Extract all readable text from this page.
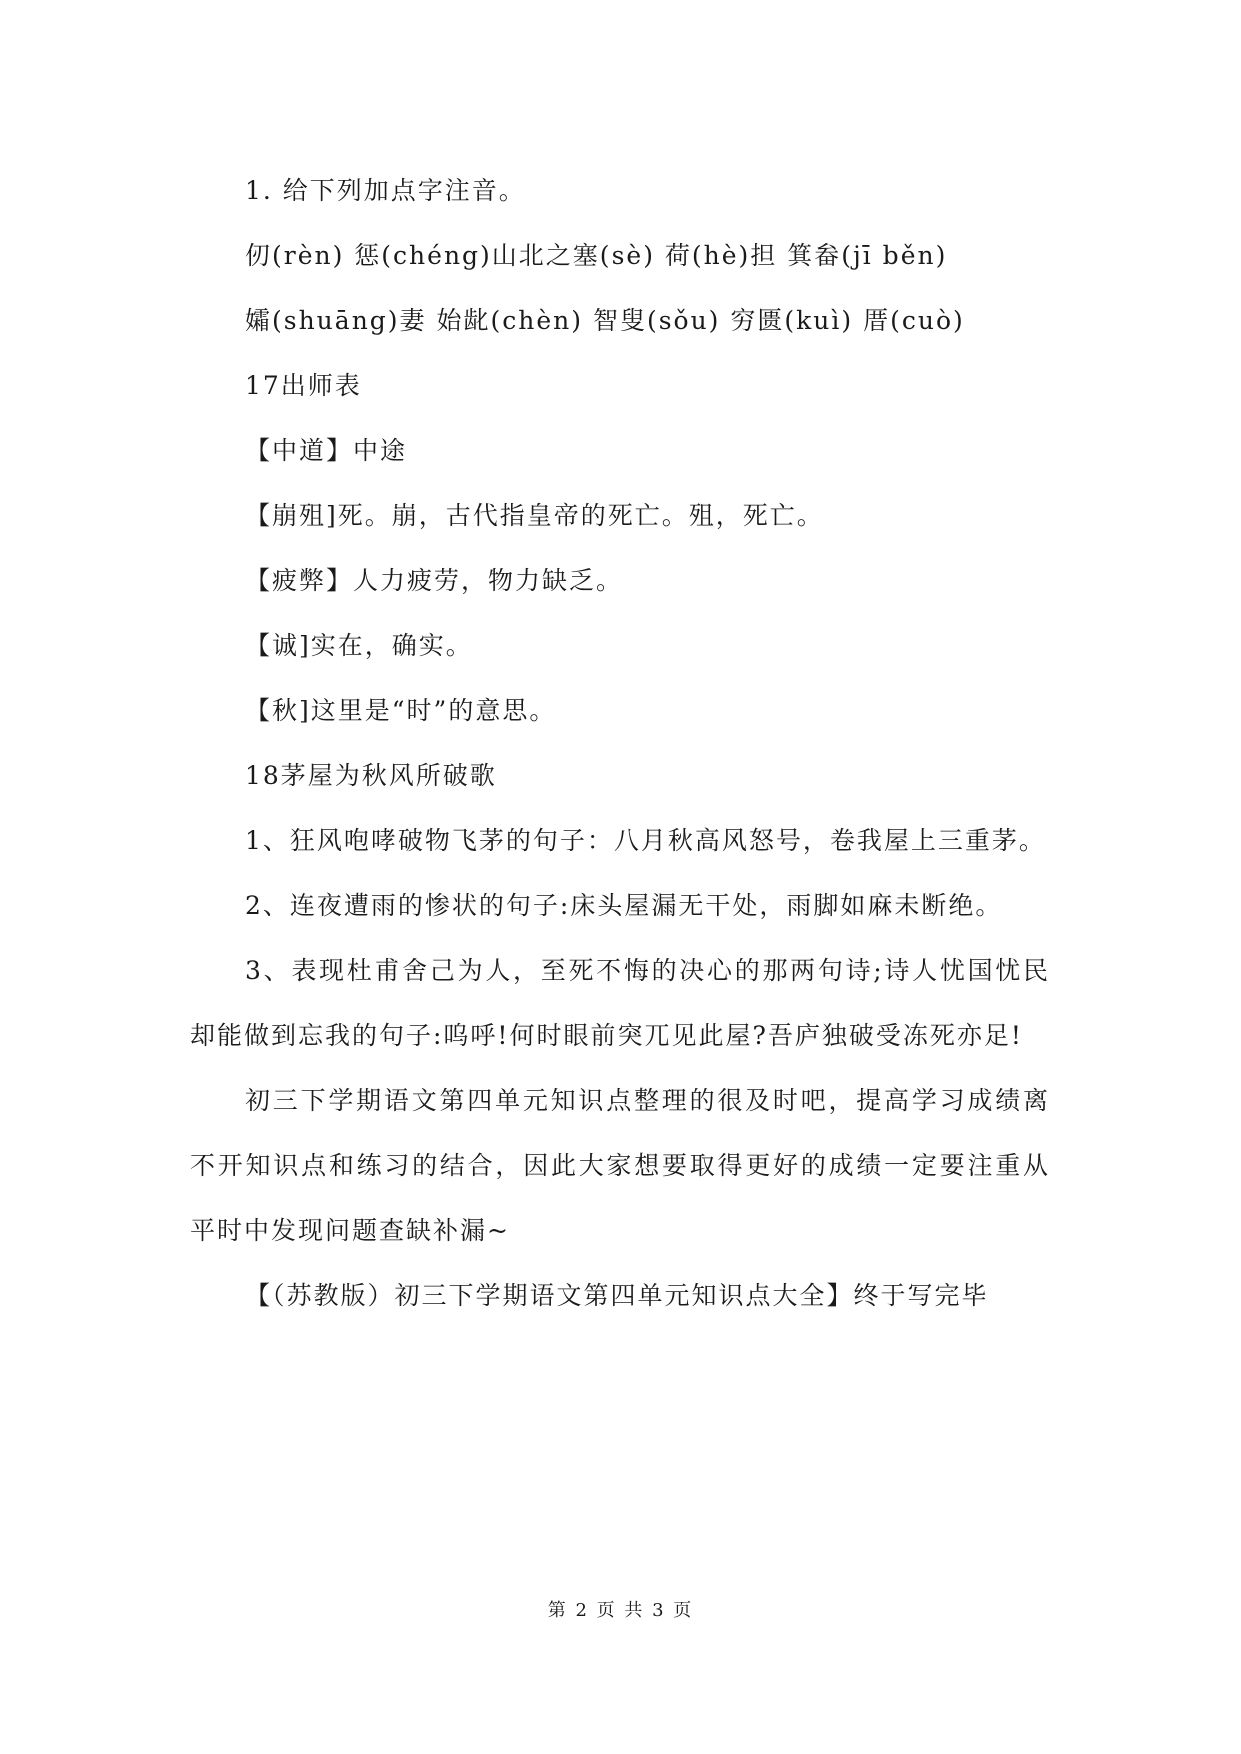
1. 给下列加点字注音。

仞(rèn) 惩(chéng)山北之塞(sè) 荷(hè)担 箕畚(jī běn)

孀(shuāng)妻 始龀(chèn) 智叟(sǒu) 穷匮(kuì) 厝(cuò)

17出师表

【中道】中途

【崩殂]死。崩，古代指皇帝的死亡。殂，死亡。

【疲弊】人力疲劳，物力缺乏。

【诚]实在，确实。

【秋]这里是“时”的意思。

18茅屋为秋风所破歌

1、狂风咆哮破物飞茅的句子：八月秋高风怒号，卷我屋上三重茅。

2、连夜遭雨的惨状的句子:床头屋漏无干处，雨脚如麻未断绝。

3、表现杜甫舍己为人，至死不悔的决心的那两句诗;诗人忧国忧民却能做到忘我的句子:呜呼!何时眼前突兀见此屋?吾庐独破受冻死亦足!

初三下学期语文第四单元知识点整理的很及时吧，提高学习成绩离不开知识点和练习的结合，因此大家想要取得更好的成绩一定要注重从平时中发现问题查缺补漏~

【（苏教版）初三下学期语文第四单元知识点大全】终于写完毕

第 2 页 共 3 页
